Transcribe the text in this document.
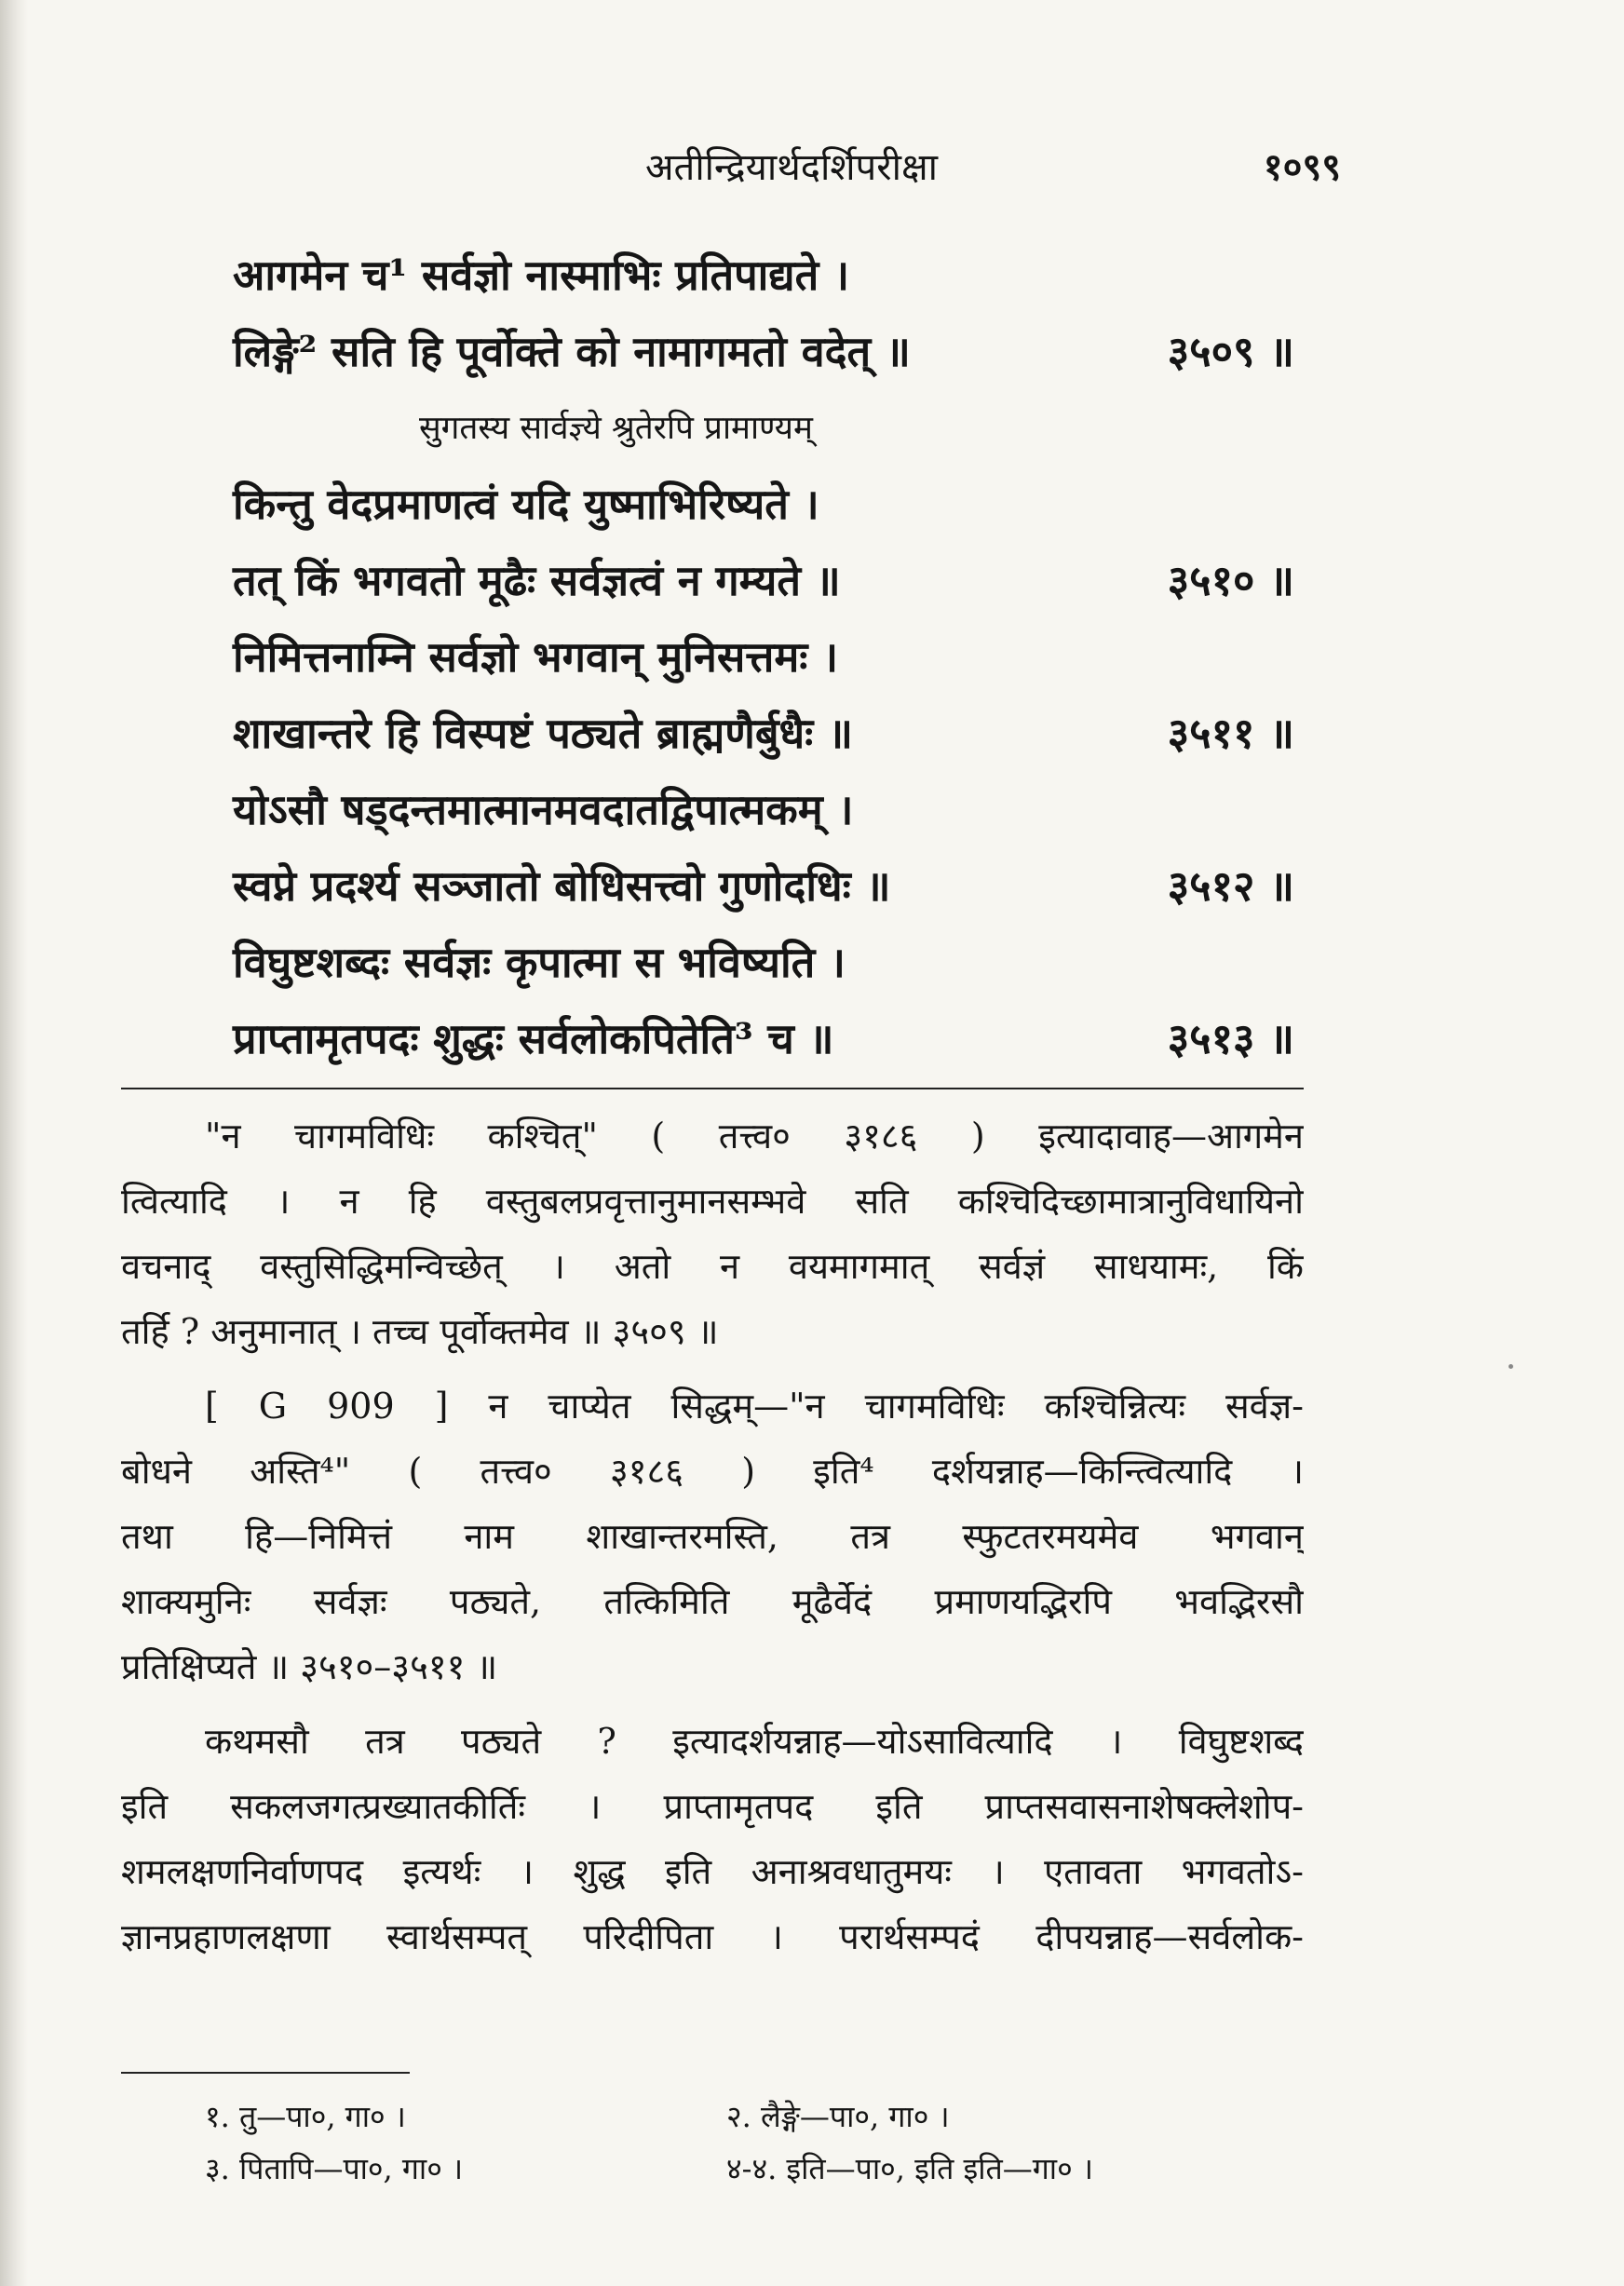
अतीन्द्रियार्थदर्शिपरीक्षा	१०९९
आगमेन च¹ सर्वज्ञो नास्माभिः प्रतिपाद्यते ।
लिङ्गे² सति हि पूर्वोक्ते को नामागमतो वदेत् ॥	३५०९ ॥
सुगतस्य सार्वज्ञ्ये श्रुतेरपि प्रामाण्यम्
किन्तु वेदप्रमाणत्वं यदि युष्माभिरिष्यते ।
तत् किं भगवतो मूढैः सर्वज्ञत्वं न गम्यते ॥	३५१० ॥
निमित्तनाम्नि सर्वज्ञो भगवान् मुनिसत्तमः ।
शाखान्तरे हि विस्पष्टं पठ्यते ब्राह्मणैर्बुधैः ॥	३५११ ॥
योऽसौ षड्दन्तमात्मानमवदातद्विपात्मकम् ।
स्वप्ने प्रदर्श्य सञ्जातो बोधिसत्त्वो गुणोदधिः ॥	३५१२ ॥
विघुष्टशब्दः सर्वज्ञः कृपात्मा स भविष्यति ।
प्राप्तामृतपदः शुद्धः सर्वलोकपितेति³ च ॥	३५१३ ॥
"न चागमविधिः कश्चित्" ( तत्त्व० ३१८६ ) इत्यादावाह—आगमेन
त्वित्यादि । न हि वस्तुबलप्रवृत्तानुमानसम्भवे सति कश्चिदिच्छामात्रानुविधायिनो
वचनाद् वस्तुसिद्धिमन्विच्छेत् । अतो न वयमागमात् सर्वज्ञं साधयामः, किं
तर्हि ? अनुमानात् । तच्च पूर्वोक्तमेव ॥ ३५०९ ॥
[ G 909 ] न चाप्येत सिद्धम्—"न चागमविधिः कश्चिन्नित्यः सर्वज्ञ-
बोधने अस्ति⁴" ( तत्त्व० ३१८६ ) इति⁴ दर्शयन्नाह—किन्त्वित्यादि ।
तथा हि—निमित्तं नाम शाखान्तरमस्ति, तत्र स्फुटतरमयमेव भगवान्
शाक्यमुनिः सर्वज्ञः पठ्यते, तत्किमिति मूढैर्वेदं प्रमाणयद्भिरपि भवद्भिरसौ
प्रतिक्षिप्यते ॥ ३५१०–३५११ ॥
कथमसौ तत्र पठ्यते ? इत्यादर्शयन्नाह—योऽसावित्यादि । विघुष्टशब्द
इति सकलजगत्प्रख्यातकीर्तिः । प्राप्तामृतपद इति प्राप्तसवासनाशेषक्लेशोप-
शमलक्षणनिर्वाणपद इत्यर्थः । शुद्ध इति अनाश्रवधातुमयः । एतावता भगवतोऽ-
ज्ञानप्रहाणलक्षणा स्वार्थसम्पत् परिदीपिता । परार्थसम्पदं दीपयन्नाह—सर्वलोक-
१. तु—पा०, गा० ।	२. लैङ्गे—पा०, गा० ।
३. पितापि—पा०, गा० ।	४-४. इति—पा०, इति इति—गा० ।
